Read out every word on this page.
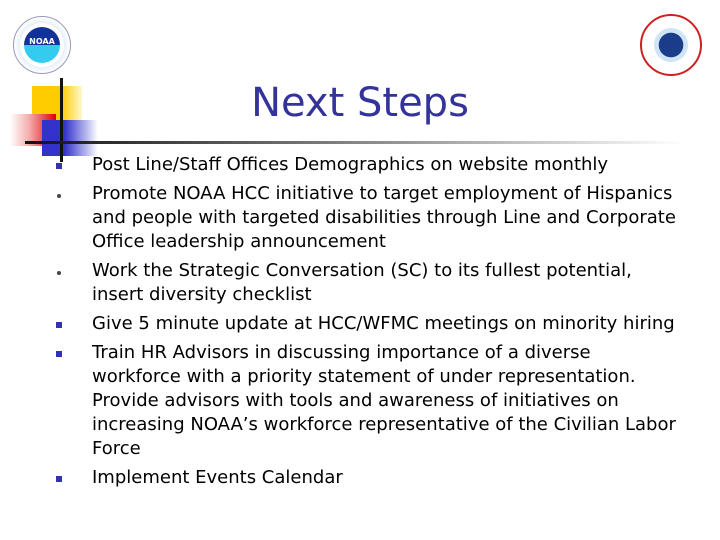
NOAA
Next Steps
Post Line/Staff Offices Demographics on website monthly
Promote NOAA HCC initiative to target employment of Hispanics and people with targeted disabilities through Line and Corporate Office leadership announcement
Work the Strategic Conversation (SC) to its fullest potential, insert diversity checklist
Give 5 minute update at HCC/WFMC meetings on minority hiring
Train HR Advisors in discussing importance of a diverse workforce with a priority statement of under representation. Provide advisors with tools and awareness of initiatives on increasing NOAA’s workforce representative of the Civilian Labor Force
Implement Events Calendar
